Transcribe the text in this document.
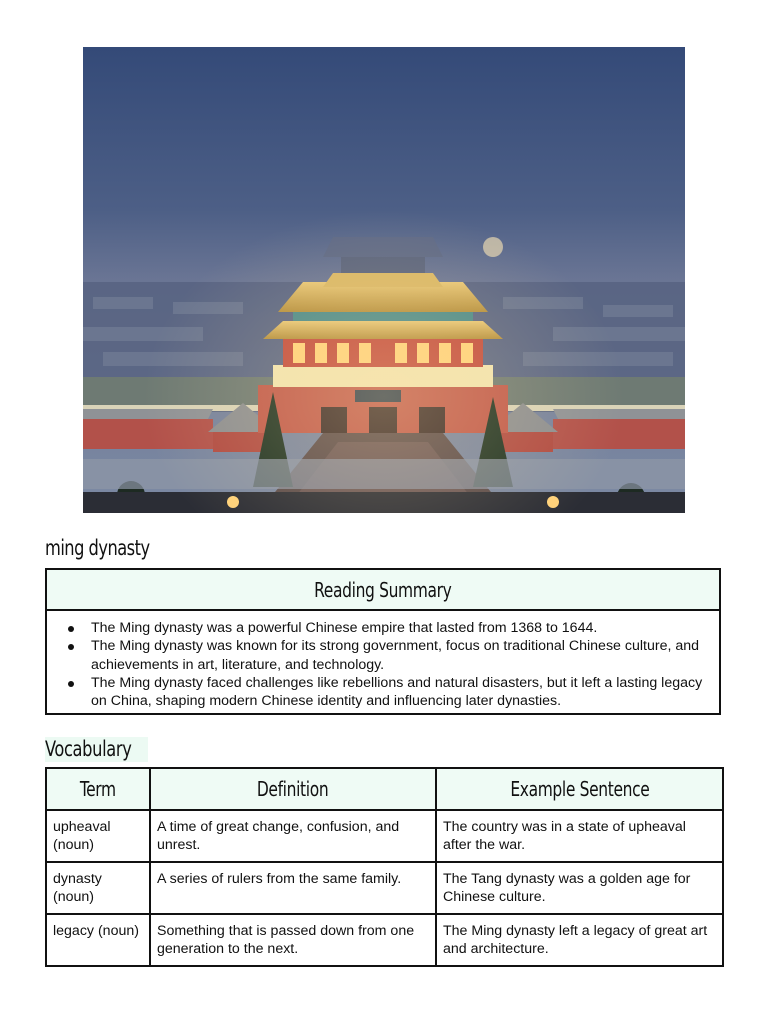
ming dynasty
Reading Summary
The Ming dynasty was a powerful Chinese empire that lasted from 1368 to 1644.
The Ming dynasty was known for its strong government, focus on traditional Chinese culture, and achievements in art, literature, and technology.
The Ming dynasty faced challenges like rebellions and natural disasters, but it left a lasting legacy on China, shaping modern Chinese identity and influencing later dynasties.
Vocabulary
Term	Definition	Example Sentence
upheaval (noun)	A time of great change, confusion, and unrest.	The country was in a state of upheaval after the war.
dynasty (noun)	A series of rulers from the same family.	The Tang dynasty was a golden age for Chinese culture.
legacy (noun)	Something that is passed down from one generation to the next.	The Ming dynasty left a legacy of great art and architecture.
